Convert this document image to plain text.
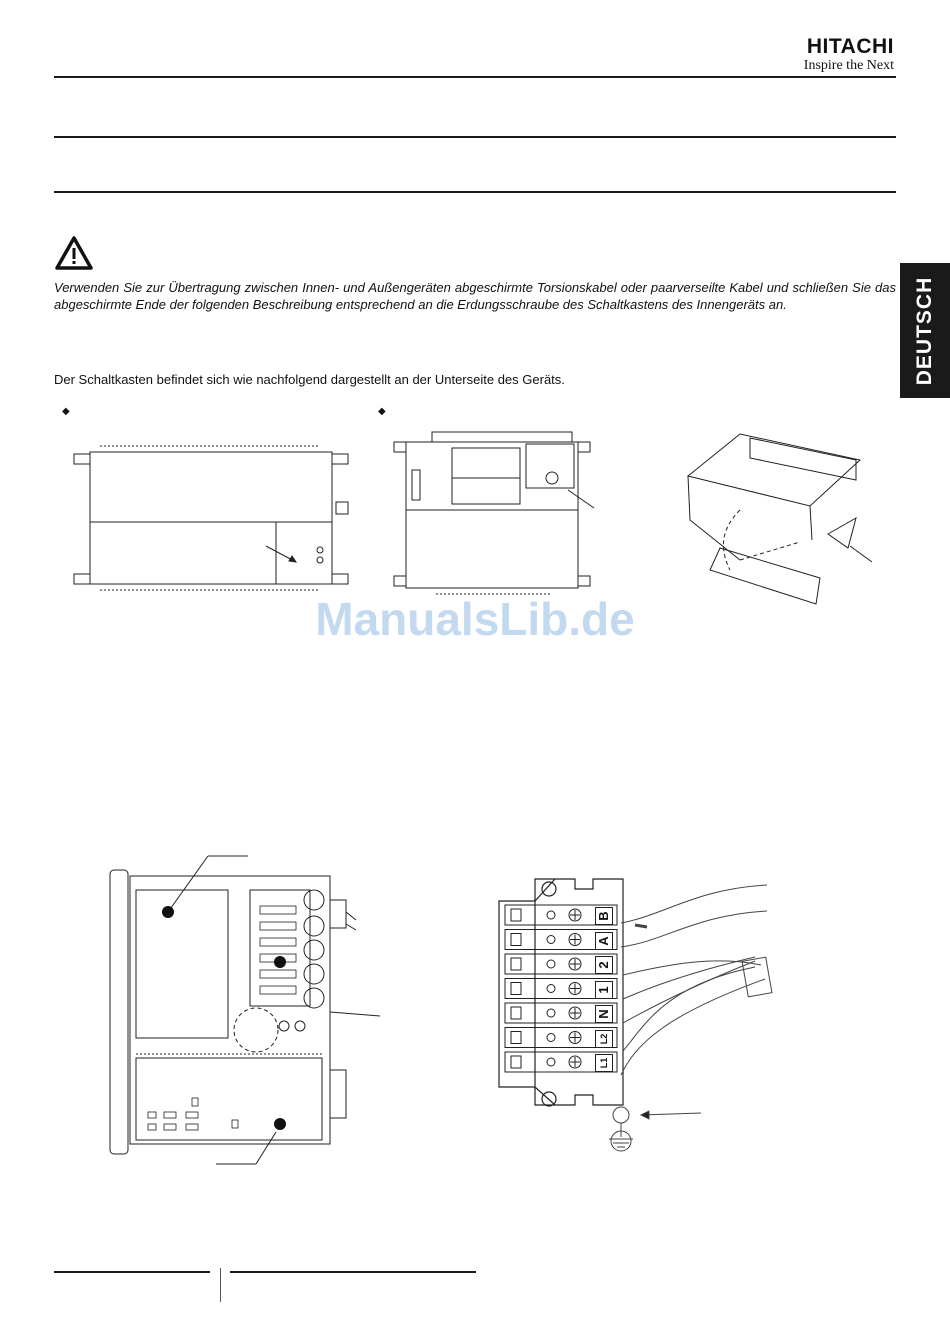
HITACHI
Inspire the Next
DEUTSCH
Verwenden Sie zur Übertragung zwischen Innen- und Außengeräten abgeschirmte Torsionskabel oder paarverseilte Kabel und schließen Sie das abgeschirmte Ende der folgenden Beschreibung entsprechend an die Erdungsschraube des Schaltkastens des Innengeräts an.
Der Schaltkasten befindet sich wie nachfolgend dargestellt an der Unterseite des Geräts.
◆	◆
ManualsLib.de
B
A
2
1
N
L2
L1
